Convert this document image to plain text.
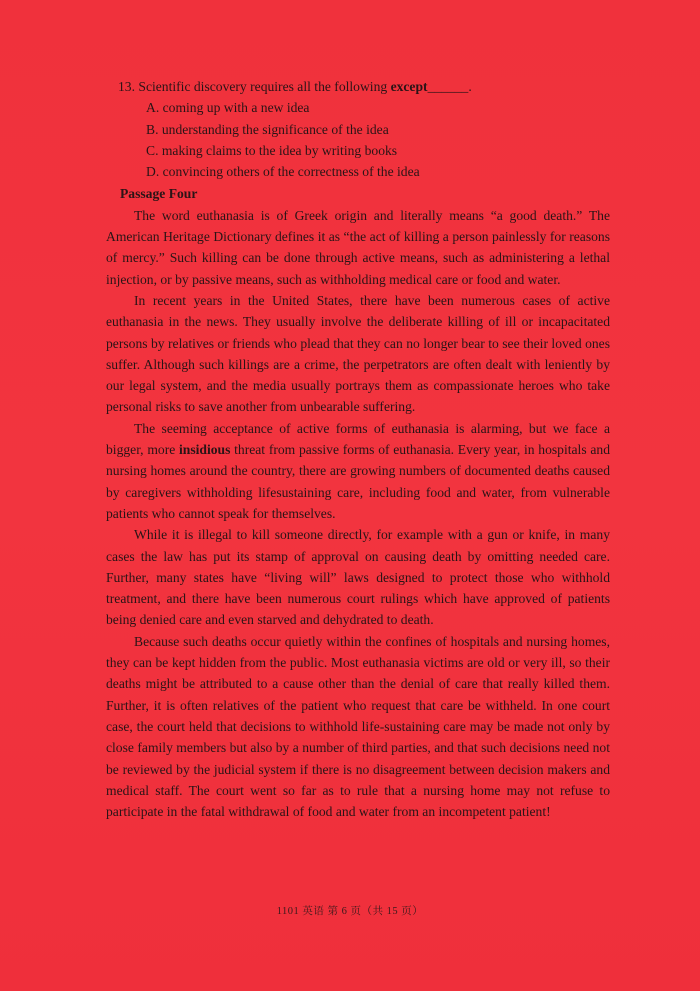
13. Scientific discovery requires all the following except______.
A. coming up with a new idea
B. understanding the significance of the idea
C. making claims to the idea by writing books
D. convincing others of the correctness of the idea
Passage Four

The word euthanasia is of Greek origin and literally means “a good death.” The American Heritage Dictionary defines it as “the act of killing a person painlessly for reasons of mercy.” Such killing can be done through active means, such as administering a lethal injection, or by passive means, such as withholding medical care or food and water.

In recent years in the United States, there have been numerous cases of active euthanasia in the news. They usually involve the deliberate killing of ill or incapacitated persons by relatives or friends who plead that they can no longer bear to see their loved ones suffer. Although such killings are a crime, the perpetrators are often dealt with leniently by our legal system, and the media usually portrays them as compassionate heroes who take personal risks to save another from unbearable suffering.

The seeming acceptance of active forms of euthanasia is alarming, but we face a bigger, more insidious threat from passive forms of euthanasia. Every year, in hospitals and nursing homes around the country, there are growing numbers of documented deaths caused by caregivers withholding lifesustaining care, including food and water, from vulnerable patients who cannot speak for themselves.

While it is illegal to kill someone directly, for example with a gun or knife, in many cases the law has put its stamp of approval on causing death by omitting needed care. Further, many states have “living will” laws designed to protect those who withhold treatment, and there have been numerous court rulings which have approved of patients being denied care and even starved and dehydrated to death.

Because such deaths occur quietly within the confines of hospitals and nursing homes, they can be kept hidden from the public. Most euthanasia victims are old or very ill, so their deaths might be attributed to a cause other than the denial of care that really killed them. Further, it is often relatives of the patient who request that care be withheld. In one court case, the court held that decisions to withhold life-sustaining care may be made not only by close family members but also by a number of third parties, and that such decisions need not be reviewed by the judicial system if there is no disagreement between decision makers and medical staff. The court went so far as to rule that a nursing home may not refuse to participate in the fatal withdrawal of food and water from an incompetent patient!

1101 英语 第 6 页（共 15 页）
